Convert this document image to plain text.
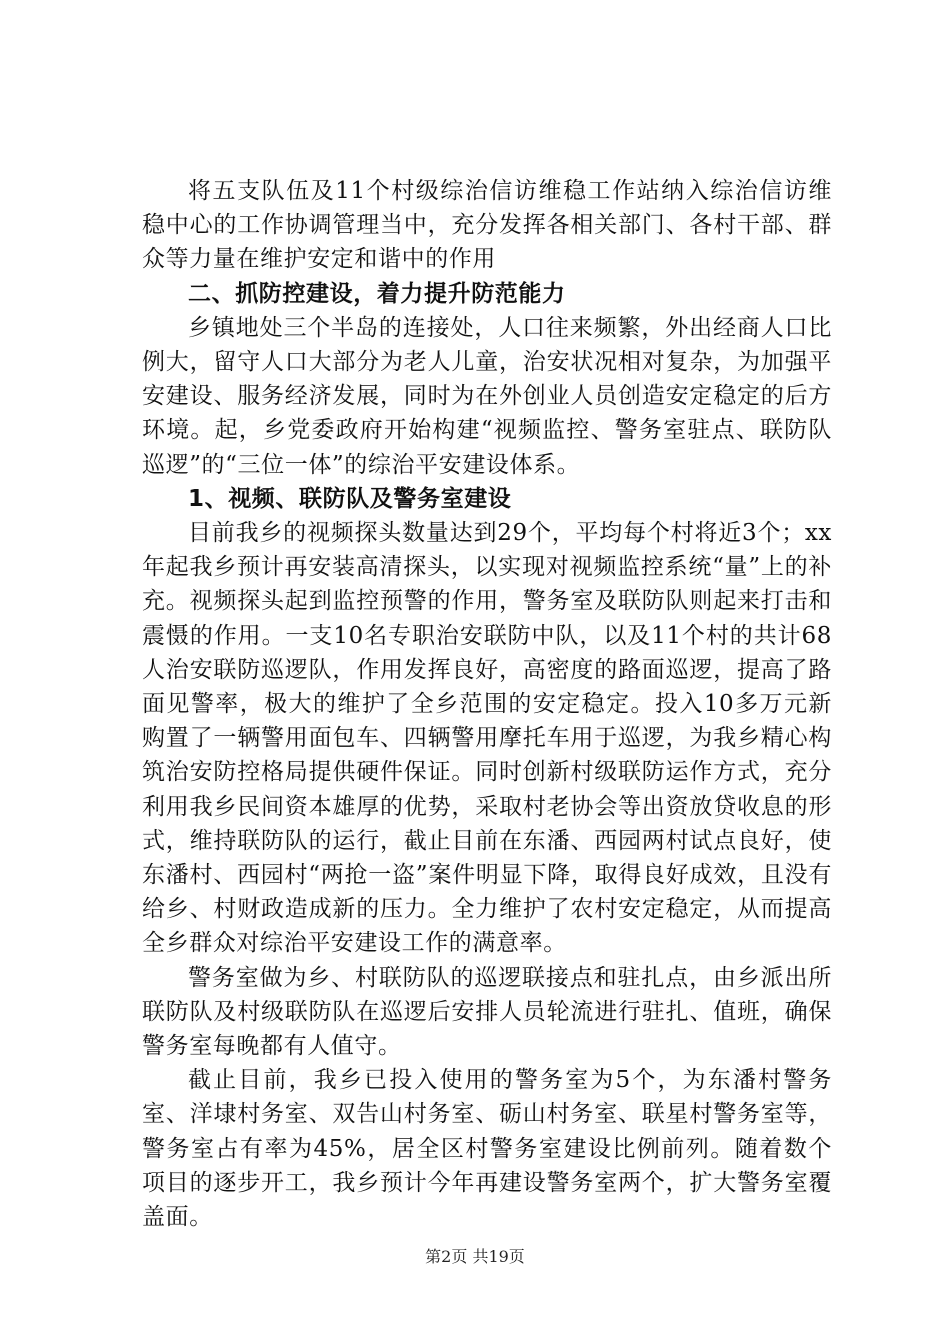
将五支队伍及11个村级综治信访维稳工作站纳入综治信访维稳中心的工作协调管理当中，充分发挥各相关部门、各村干部、群众等力量在维护安定和谐中的作用

二、抓防控建设，着力提升防范能力

乡镇地处三个半岛的连接处，人口往来频繁，外出经商人口比例大，留守人口大部分为老人儿童，治安状况相对复杂，为加强平安建设、服务经济发展，同时为在外创业人员创造安定稳定的后方环境。起，乡党委政府开始构建“视频监控、警务室驻点、联防队巡逻”的“三位一体”的综治平安建设体系。

1、视频、联防队及警务室建设

目前我乡的视频探头数量达到29个，平均每个村将近3个；xx年起我乡预计再安装高清探头，以实现对视频监控系统“量”上的补充。视频探头起到监控预警的作用，警务室及联防队则起来打击和震慑的作用。一支10名专职治安联防中队，以及11个村的共计68人治安联防巡逻队，作用发挥良好，高密度的路面巡逻，提高了路面见警率，极大的维护了全乡范围的安定稳定。投入10多万元新购置了一辆警用面包车、四辆警用摩托车用于巡逻，为我乡精心构筑治安防控格局提供硬件保证。同时创新村级联防运作方式，充分利用我乡民间资本雄厚的优势，采取村老协会等出资放贷收息的形式，维持联防队的运行，截止目前在东潘、西园两村试点良好，使东潘村、西园村“两抢一盗”案件明显下降，取得良好成效，且没有给乡、村财政造成新的压力。全力维护了农村安定稳定，从而提高全乡群众对综治平安建设工作的满意率。

警务室做为乡、村联防队的巡逻联接点和驻扎点，由乡派出所联防队及村级联防队在巡逻后安排人员轮流进行驻扎、值班，确保警务室每晚都有人值守。

截止目前，我乡已投入使用的警务室为5个，为东潘村警务室、洋埭村务室、双告山村务室、砺山村务室、联星村警务室等，警务室占有率为45%，居全区村警务室建设比例前列。随着数个项目的逐步开工，我乡预计今年再建设警务室两个，扩大警务室覆盖面。

第2页 共19页
